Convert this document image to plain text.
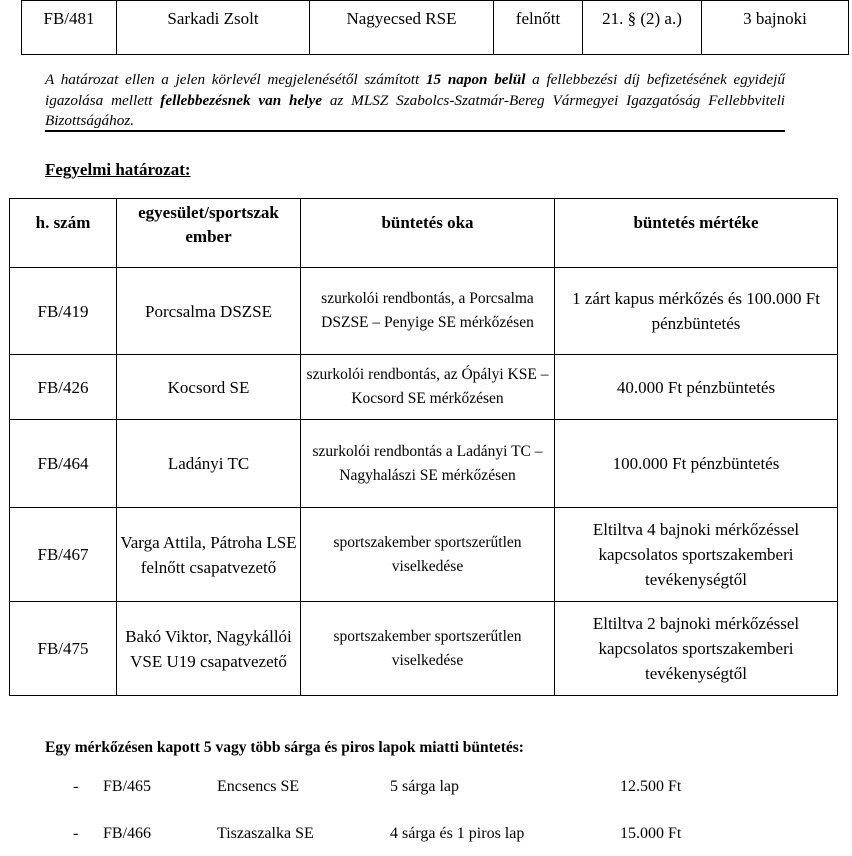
FB/481	Sarkadi Zsolt	Nagyecsed RSE	felnőtt	21. § (2) a.)	3 bajnoki
A határozat ellen a jelen körlevél megjelenésétől számított 15 napon belül a fellebbezési díj befizetésének egyidejű igazolása mellett fellebbezésnek van helye az MLSZ Szabolcs-Szatmár-Bereg Vármegyei Igazgatóság Fellebbviteli Bizottságához.
Fegyelmi határozat:
h. szám	egyesület/sportszak ember	büntetés oka	büntetés mértéke
FB/419	Porcsalma DSZSE	szurkolói rendbontás, a Porcsalma DSZSE – Penyige SE mérkőzésen	1 zárt kapus mérkőzés és 100.000 Ft pénzbüntetés
FB/426	Kocsord SE	szurkolói rendbontás, az Ópályi KSE – Kocsord SE mérkőzésen	40.000 Ft pénzbüntetés
FB/464	Ladányi TC	szurkolói rendbontás a Ladányi TC – Nagyhalászi SE mérkőzésen	100.000 Ft pénzbüntetés
FB/467	Varga Attila, Pátroha LSE felnőtt csapatvezető	sportszakember sportszerűtlen viselkedése	Eltiltva 4 bajnoki mérkőzéssel kapcsolatos sportszakemberi tevékenységtől
FB/475	Bakó Viktor, Nagykállói VSE U19 csapatvezető	sportszakember sportszerűtlen viselkedése	Eltiltva 2 bajnoki mérkőzéssel kapcsolatos sportszakemberi tevékenységtől
Egy mérkőzésen kapott 5 vagy több sárga és piros lapok miatti büntetés:
- FB/465	Encsencs SE	5 sárga lap	12.500 Ft
- FB/466	Tiszaszalka SE	4 sárga és 1 piros lap	15.000 Ft
